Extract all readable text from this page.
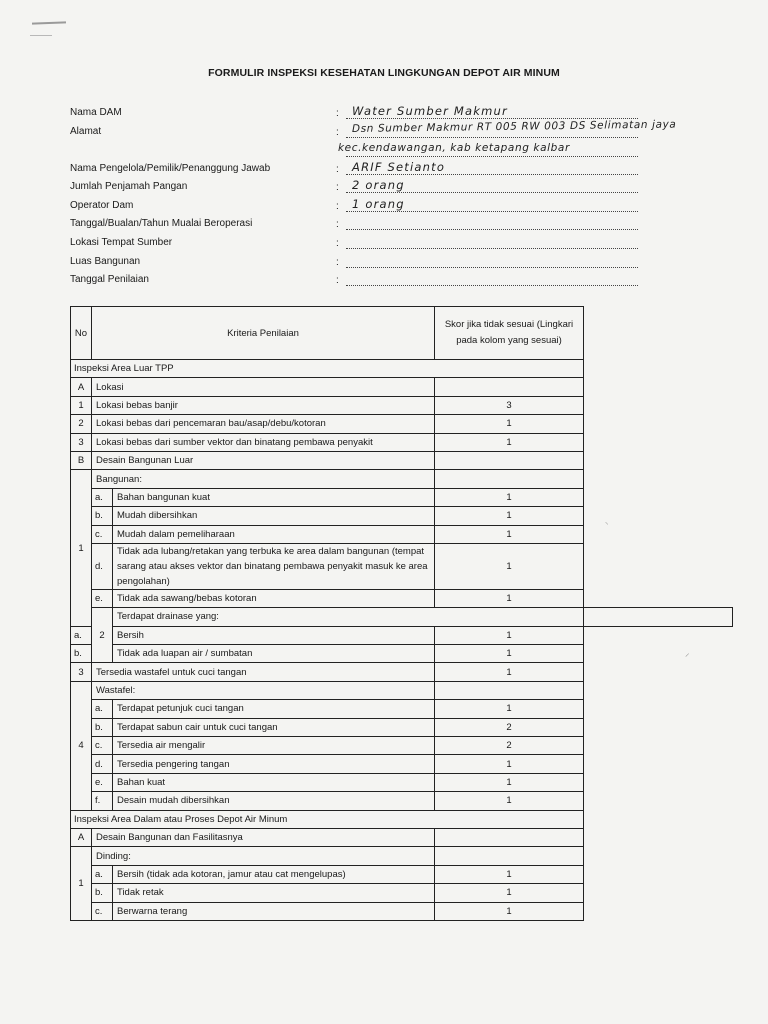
FORMULIR INSPEKSI KESEHATAN LINGKUNGAN DEPOT AIR MINUM
Nama DAM	: Water Sumber Makmur
Alamat	: Dsn Sumber Makmur RT 005 RW 003 DS Selimatan jaya
kec.kendawangan, kab ketapang kalbar
Nama Pengelola/Pemilik/Penanggung Jawab	: ARIF Setianto
Jumlah Penjamah Pangan	: 2 orang
Operator Dam	: 1 orang
Tanggal/Bualan/Tahun Mualai Beroperasi	:
Lokasi Tempat Sumber	:
Luas Bangunan	:
Tanggal Penilaian	:
No	Kriteria Penilaian		Skor jika tidak sesuai (Lingkari pada kolom yang sesuai)	
Inspeksi Area Luar TPP				
A	Lokasi			
1	Lokasi bebas banjir		3	
2	Lokasi bebas dari pencemaran bau/asap/debu/kotoran		1	
3	Lokasi bebas dari sumber vektor dan binatang pembawa penyakit		1	
B	Desain Bangunan Luar			
1	Bangunan:			
	a.	Bahan bangunan kuat	1	
	b.	Mudah dibersihkan	1	
	c.	Mudah dalam pemeliharaan	1	
	d.	Tidak ada lubang/retakan yang terbuka ke area dalam bangunan (tempat sarang atau akses vektor dan binatang pembawa penyakit masuk ke area pengolahan)	1	
	e.	Tidak ada sawang/bebas kotoran	1	
	2	Terdapat drainase yang:		
a.		Bersih	1	
b.		Tidak ada luapan air / sumbatan	1	
3	Tersedia wastafel untuk cuci tangan		1	
4	Wastafel:			
	a.	Terdapat petunjuk cuci tangan	1	
	b.	Terdapat sabun cair untuk cuci tangan	2	
	c.	Tersedia air mengalir	2	
	d.	Tersedia pengering tangan	1	
	e.	Bahan kuat	1	
	f.	Desain mudah dibersihkan	1	
Inspeksi Area Dalam atau Proses Depot Air Minum				
A	Desain Bangunan dan Fasilitasnya			
1	Dinding:			
	a.	Bersih (tidak ada kotoran, jamur atau cat mengelupas)	1	
	b.	Tidak retak	1	
	c.	Berwarna terang	1	
⸜
⸝
